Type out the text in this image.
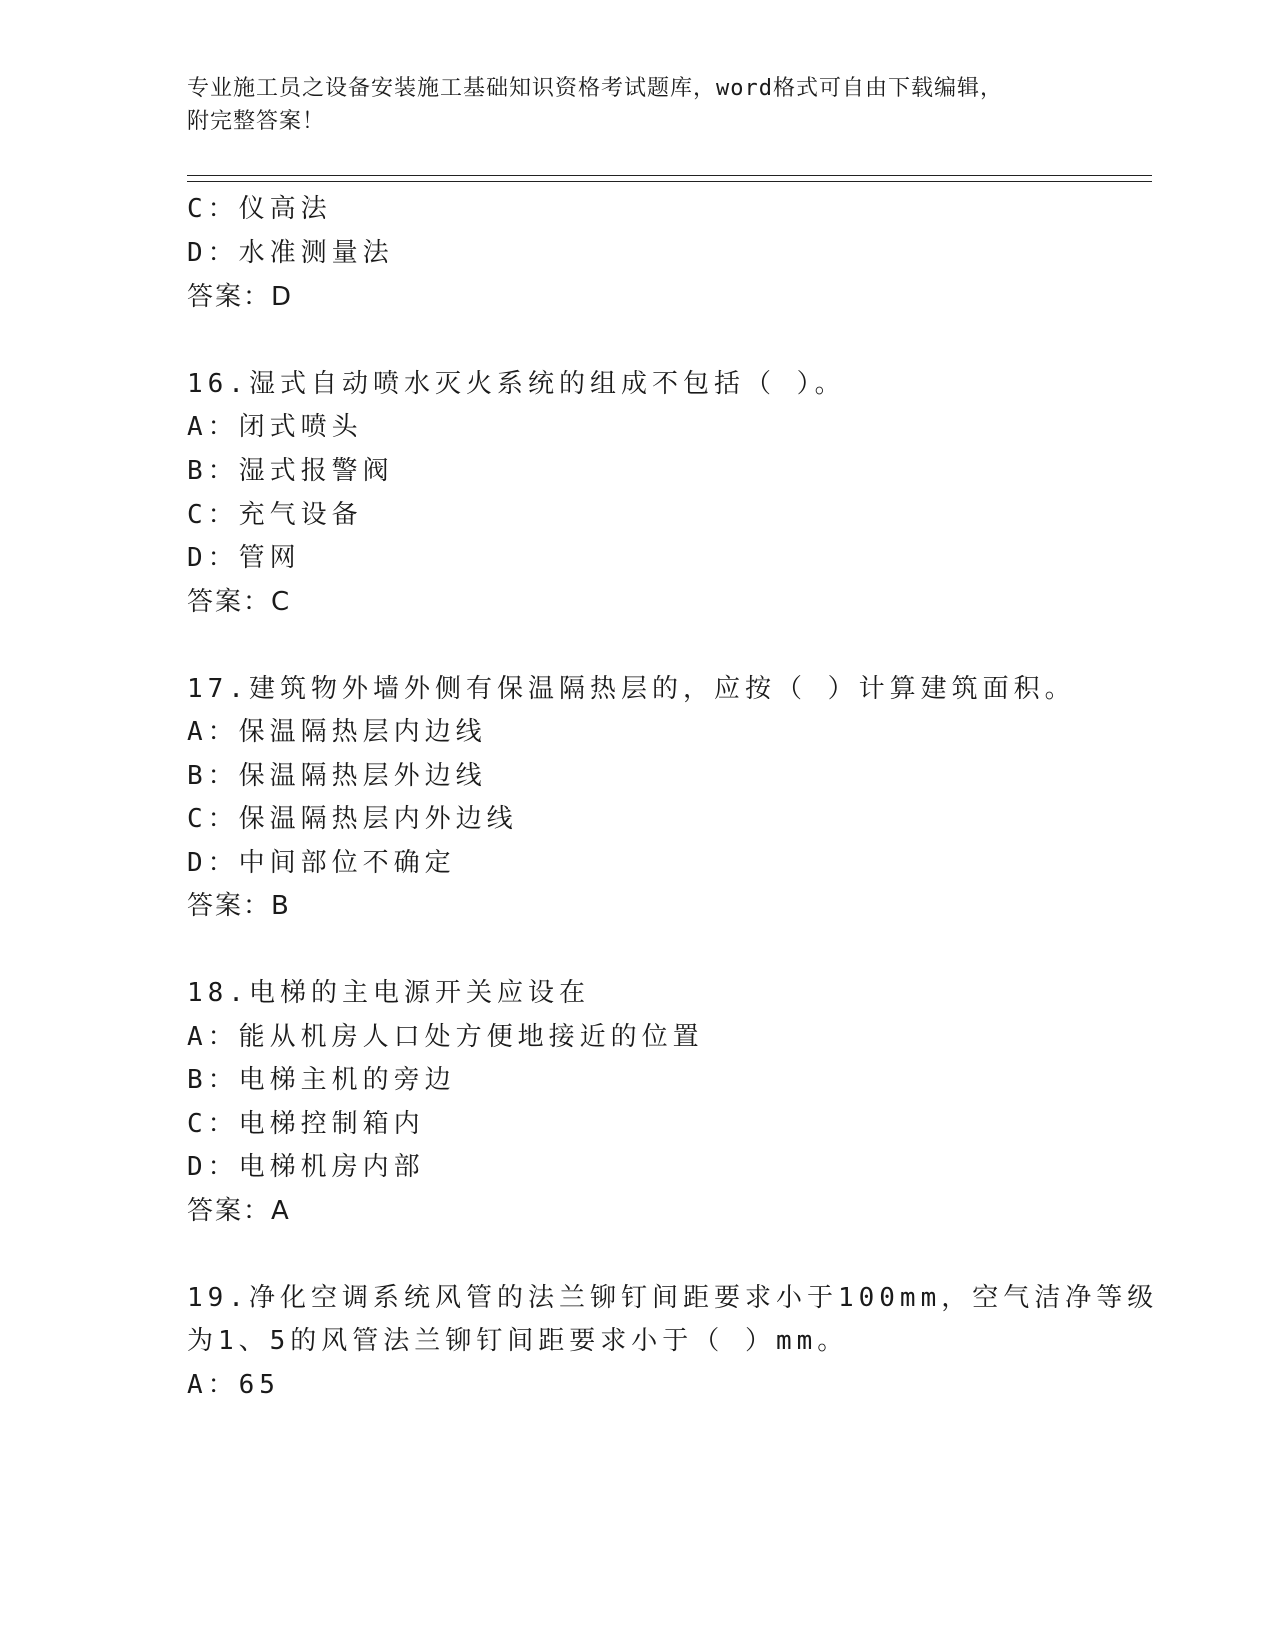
专业施工员之设备安装施工基础知识资格考试题库，word格式可自由下载编辑，
附完整答案！
C：仪高法
D：水准测量法
答案：D
16.湿式自动喷水灭火系统的组成不包括（ ）。
A：闭式喷头
B：湿式报警阀
C：充气设备
D：管网
答案：C
17.建筑物外墙外侧有保温隔热层的，应按（ ）计算建筑面积。
A：保温隔热层内边线
B：保温隔热层外边线
C：保温隔热层内外边线
D：中间部位不确定
答案：B
18.电梯的主电源开关应设在
A：能从机房人口处方便地接近的位置
B：电梯主机的旁边
C：电梯控制箱内
D：电梯机房内部
答案：A
19.净化空调系统风管的法兰铆钉间距要求小于100mm，空气洁净等级
为1、5的风管法兰铆钉间距要求小于（ ）mm。
A：65
